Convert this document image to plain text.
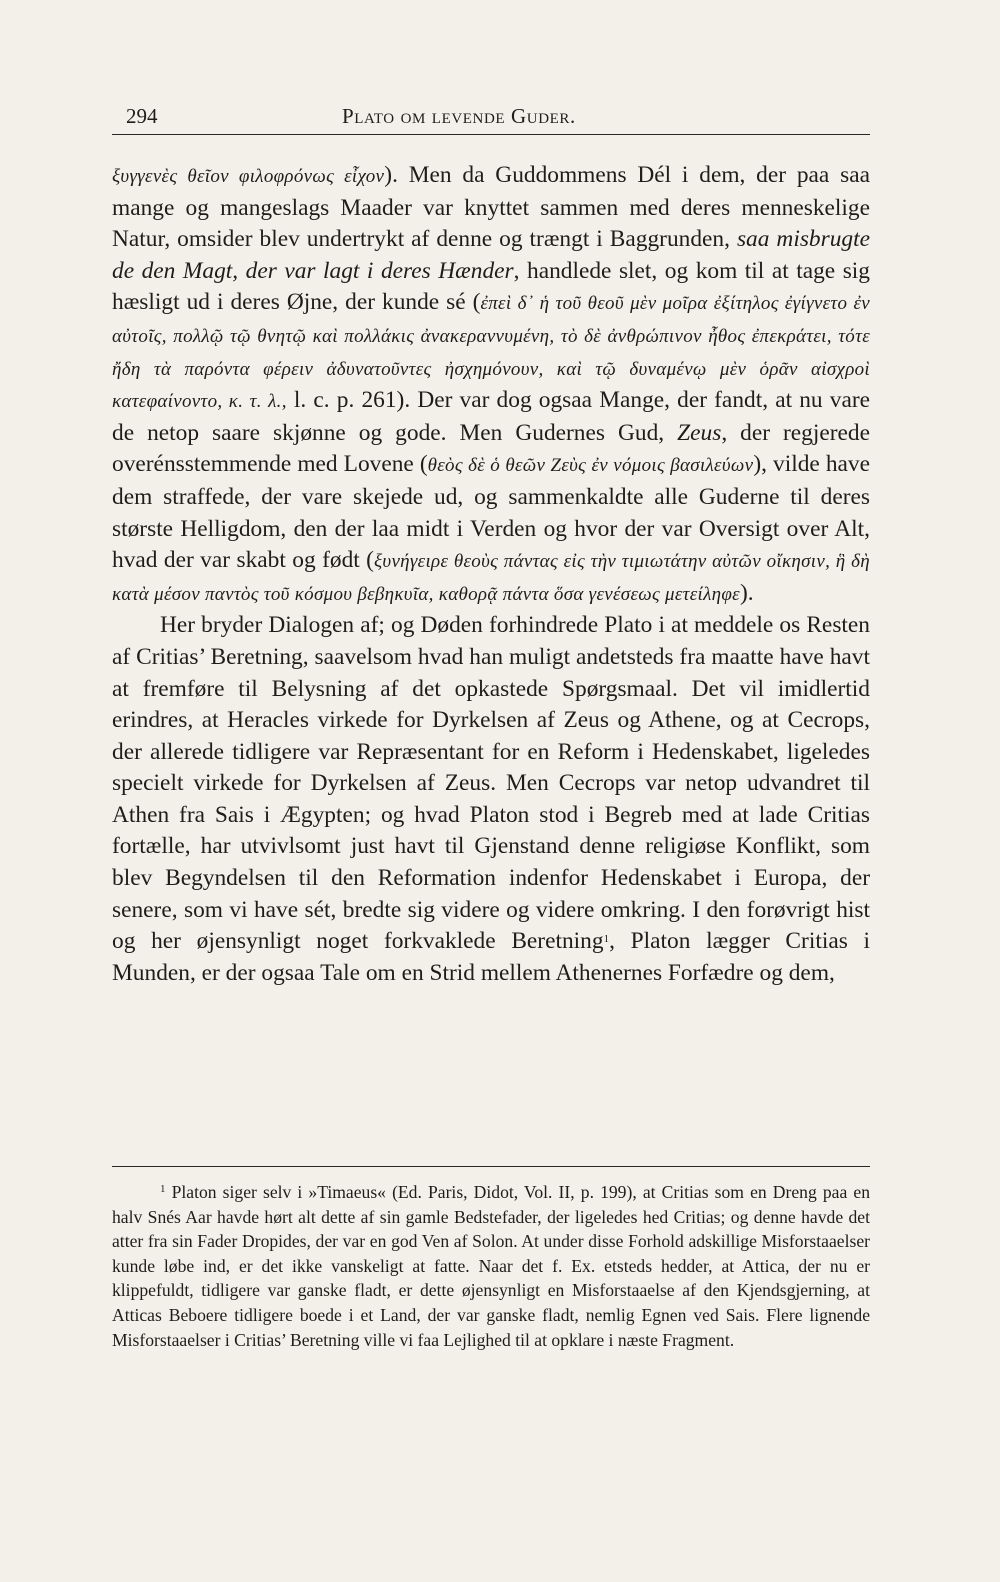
294	Plato om levende Guder.

ξυγγενὲς θεῖον φιλοφρόνως εἶχον). Men da Guddommens Dél i dem, der paa saa mange og mangeslags Maader var knyttet sammen med deres menneskelige Natur, omsider blev undertrykt af denne og trængt i Baggrunden, saa misbrugte de den Magt, der var lagt i deres Hænder, handlede slet, og kom til at tage sig hæsligt ud i deres Øjne, der kunde sé (ἐπεὶ δ᾽ ἡ τοῦ θεοῦ μὲν μοῖρα ἐξίτηλος ἐγίγνετο ἐν αὐτοῖς, πολλῷ τῷ θνητῷ καὶ πολλάκις ἀνακεραννυμένη, τὸ δὲ ἀνθρώπινον ἦθος ἐπεκράτει, τότε ἤδη τὰ παρόντα φέρειν ἀδυνατοῦντες ἠσχημόνουν, καὶ τῷ δυναμένῳ μὲν ὁρᾶν αἰσχροὶ κατεφαίνοντο, κ. τ. λ., l. c. p. 261). Der var dog ogsaa Mange, der fandt, at nu vare de netop saare skjønne og gode. Men Gudernes Gud, Zeus, der regjerede overénsstemmende med Lovene (θεὸς δὲ ὁ θεῶν Ζεὺς ἐν νόμοις βασιλεύων), vilde have dem straffede, der vare skejede ud, og sammenkaldte alle Guderne til deres største Helligdom, den der laa midt i Verden og hvor der var Oversigt over Alt, hvad der var skabt og født (ξυνήγειρε θεοὺς πάντας εἰς τὴν τιμιωτάτην αὐτῶν οἴκησιν, ἣ δὴ κατὰ μέσον παντὸς τοῦ κόσμου βεβηκυῖα, καθορᾷ πάντα ὅσα γενέσεως μετείληφε).

Her bryder Dialogen af; og Døden forhindrede Plato i at meddele os Resten af Critias’ Beretning, saavelsom hvad han muligt andetsteds fra maatte have havt at fremføre til Belysning af det opkastede Spørgsmaal. Det vil imidlertid erindres, at Heracles virkede for Dyrkelsen af Zeus og Athene, og at Cecrops, der allerede tidligere var Repræsentant for en Reform i Hedenskabet, ligeledes specielt virkede for Dyrkelsen af Zeus. Men Cecrops var netop udvandret til Athen fra Sais i Ægypten; og hvad Platon stod i Begreb med at lade Critias fortælle, har utvivlsomt just havt til Gjenstand denne religiøse Konflikt, som blev Begyndelsen til den Reformation indenfor Hedenskabet i Europa, der senere, som vi have sét, bredte sig videre og videre omkring. I den forøvrigt hist og her øjensynligt noget forkvaklede Beretning$^1$, Platon lægger Critias i Munden, er der ogsaa Tale om en Strid mellem Athenernes Forfædre og dem,

$^1$ Platon siger selv i »Timaeus« (Ed. Paris, Didot, Vol. II, p. 199), at Critias som en Dreng paa en halv Snés Aar havde hørt alt dette af sin gamle Bedstefader, der ligeledes hed Critias; og denne havde det atter fra sin Fader Dropides, der var en god Ven af Solon. At under disse Forhold adskillige Misforstaaelser kunde løbe ind, er det ikke vanskeligt at fatte. Naar det f. Ex. etsteds hedder, at Attica, der nu er klippefuldt, tidligere var ganske fladt, er dette øjensynligt en Misforstaaelse af den Kjendsgjerning, at Atticas Beboere tidligere boede i et Land, der var ganske fladt, nemlig Egnen ved Sais. Flere lignende Misforstaaelser i Critias’ Beretning ville vi faa Lejlighed til at opklare i næste Fragment.
